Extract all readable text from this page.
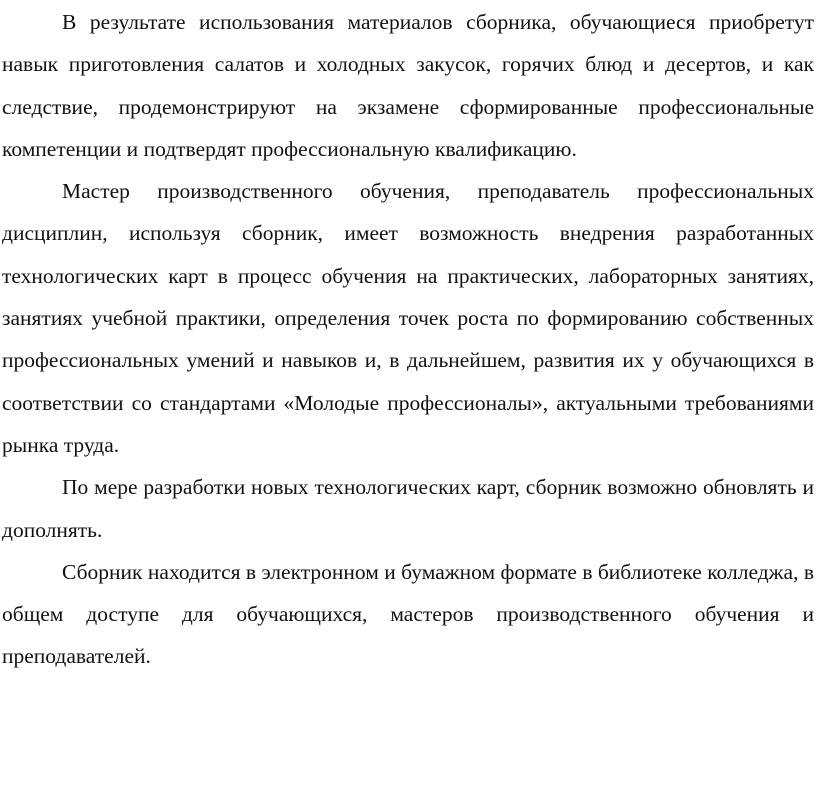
В результате использования материалов сборника, обучающиеся приобретут навык приготовления салатов и холодных закусок, горячих блюд и десертов, и как следствие, продемонстрируют на экзамене сформированные профессиональные компетенции и подтвердят профессиональную квалификацию.

Мастер производственного обучения, преподаватель профессиональных дисциплин, используя сборник, имеет возможность внедрения разработанных технологических карт в процесс обучения на практических, лабораторных занятиях, занятиях учебной практики, определения точек роста по формированию собственных профессиональных умений и навыков и, в дальнейшем, развития их у обучающихся в соответствии со стандартами «Молодые профессионалы», актуальными требованиями рынка труда.

По мере разработки новых технологических карт, сборник возможно обновлять и дополнять.

Сборник находится в электронном и бумажном формате в библиотеке колледжа, в общем доступе для обучающихся, мастеров производственного обучения и преподавателей.
